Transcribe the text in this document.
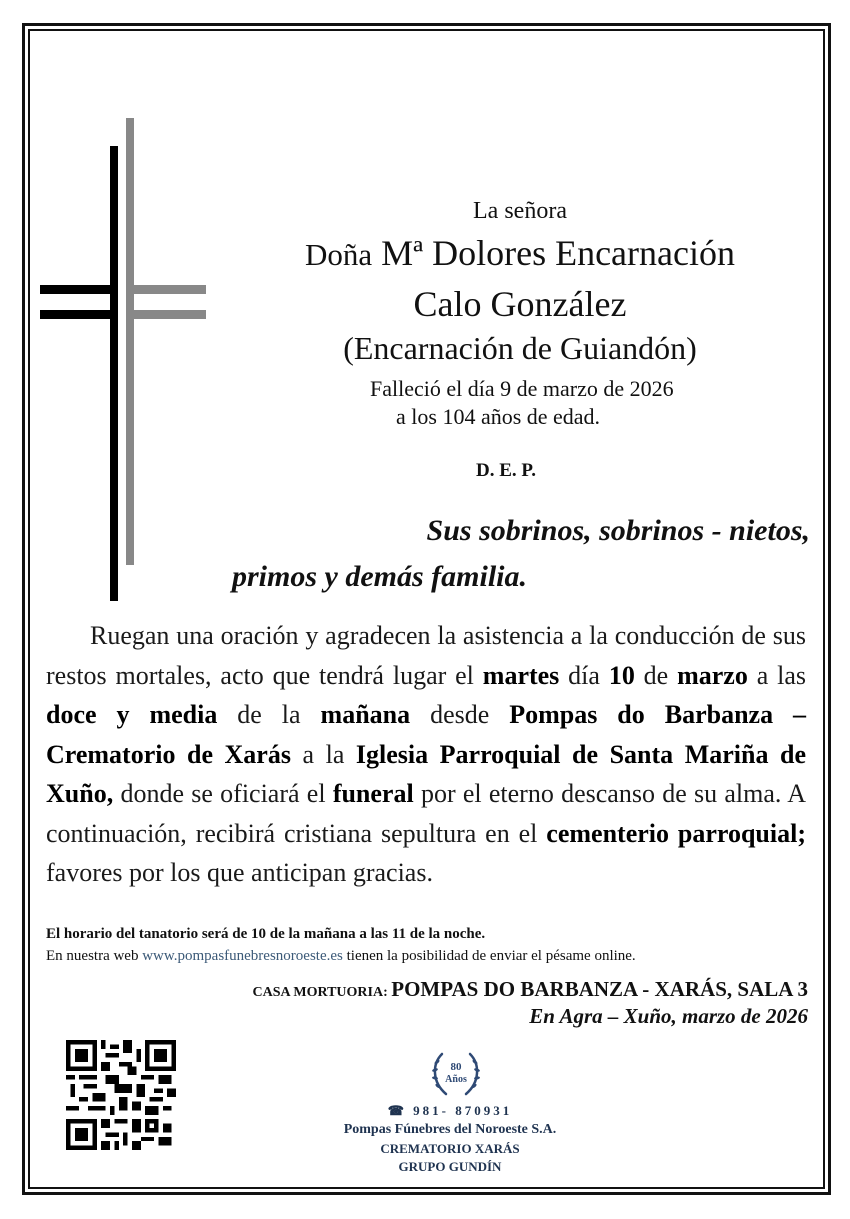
La señora
Doña Mª Dolores Encarnación
Calo González
(Encarnación de Guiandón)
Falleció el día 9 de marzo de 2026
a los 104 años de edad.
D. E. P.
Sus sobrinos, sobrinos - nietos,
primos y demás familia.
Ruegan una oración y agradecen la asistencia a la conducción de sus restos mortales, acto que tendrá lugar el martes día 10 de marzo a las doce y media de la mañana desde Pompas do Barbanza – Crematorio de Xarás a la Iglesia Parroquial de Santa Mariña de Xuño, donde se oficiará el funeral por el eterno descanso de su alma. A continuación, recibirá cristiana sepultura en el cementerio parroquial; favores por los que anticipan gracias.
El horario del tanatorio será de 10 de la mañana a las 11 de la noche.
En nuestra web www.pompasfunebresnoroeste.es tienen la posibilidad de enviar el pésame online.
CASA MORTUORIA: POMPAS DO BARBANZA - XARÁS, SALA 3
En Agra – Xuño, marzo de 2026
80
Años
☎ 981- 870931
Pompas Fúnebres del Noroeste S.A.
CREMATORIO XARÁS
GRUPO GUNDÍN
